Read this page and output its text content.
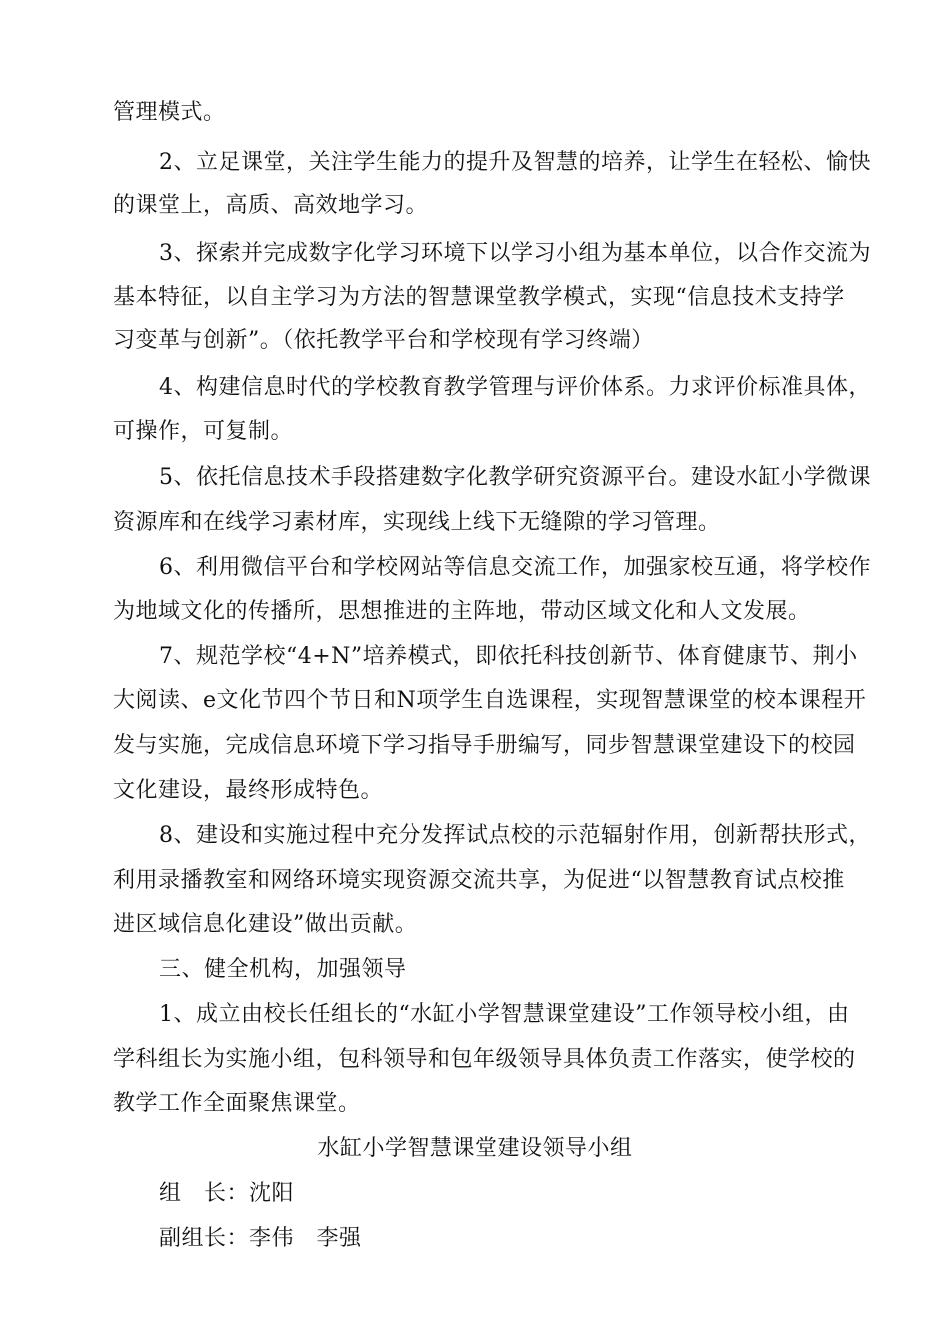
管理模式。
2、立足课堂，关注学生能力的提升及智慧的培养，让学生在轻松、愉快
的课堂上，高质、高效地学习。
3、探索并完成数字化学习环境下以学习小组为基本单位，以合作交流为
基本特征，以自主学习为方法的智慧课堂教学模式，实现“信息技术支持学
习变革与创新”。（依托教学平台和学校现有学习终端）
4、构建信息时代的学校教育教学管理与评价体系。力求评价标准具体，
可操作，可复制。
5、依托信息技术手段搭建数字化教学研究资源平台。建设水缸小学微课
资源库和在线学习素材库，实现线上线下无缝隙的学习管理。
6、利用微信平台和学校网站等信息交流工作，加强家校互通，将学校作
为地域文化的传播所，思想推进的主阵地，带动区域文化和人文发展。
7、规范学校“4+N”培养模式，即依托科技创新节、体育健康节、荆小
大阅读、e文化节四个节日和N项学生自选课程，实现智慧课堂的校本课程开
发与实施，完成信息环境下学习指导手册编写，同步智慧课堂建设下的校园
文化建设，最终形成特色。
8、建设和实施过程中充分发挥试点校的示范辐射作用，创新帮扶形式，
利用录播教室和网络环境实现资源交流共享，为促进“以智慧教育试点校推
进区域信息化建设”做出贡献。
三、健全机构，加强领导
1、成立由校长任组长的“水缸小学智慧课堂建设”工作领导校小组，由
学科组长为实施小组，包科领导和包年级领导具体负责工作落实，使学校的
教学工作全面聚焦课堂。
水缸小学智慧课堂建设领导小组
组　长：沈阳
副组长：李伟　李强
